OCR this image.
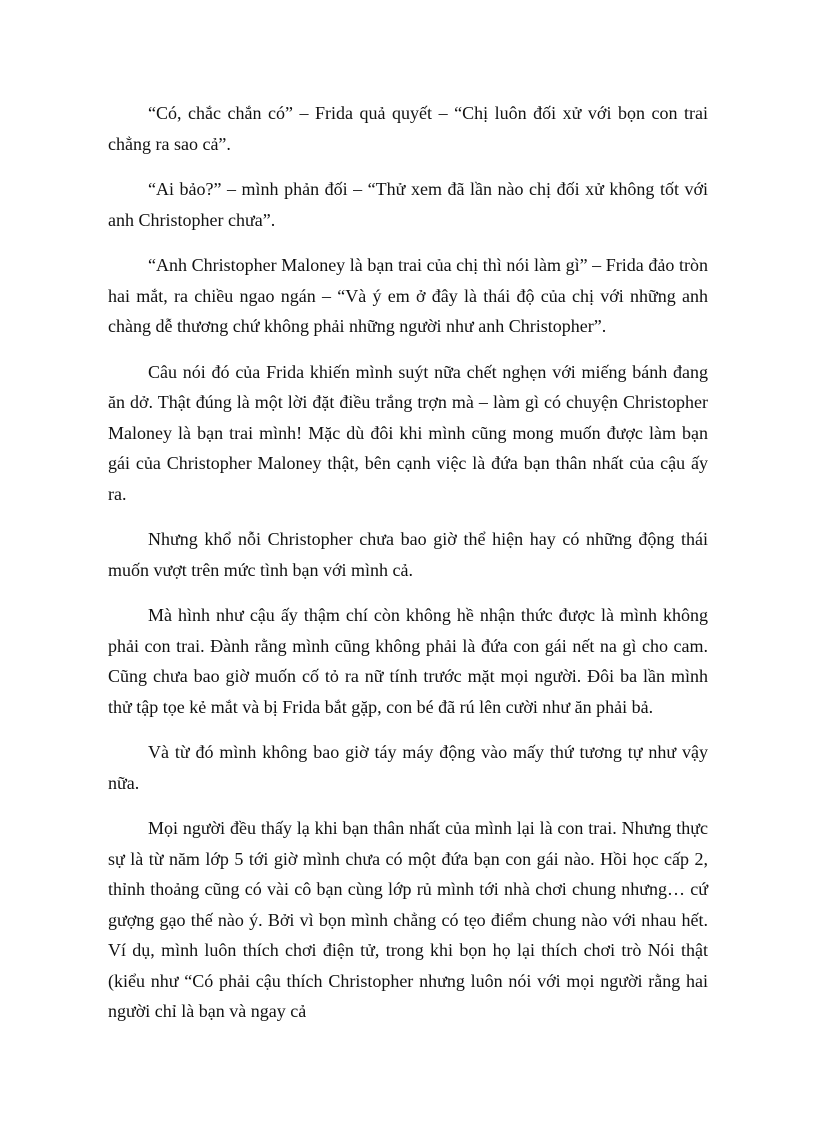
“Có, chắc chắn có” – Frida quả quyết – “Chị luôn đối xử với bọn con trai chẳng ra sao cả”.

“Ai bảo?” – mình phản đối – “Thử xem đã lần nào chị đối xử không tốt với anh Christopher chưa”.

“Anh Christopher Maloney là bạn trai của chị thì nói làm gì” – Frida đảo tròn hai mắt, ra chiều ngao ngán – “Và ý em ở đây là thái độ của chị với những anh chàng dễ thương chứ không phải những người như anh Christopher”.

Câu nói đó của Frida khiến mình suýt nữa chết nghẹn với miếng bánh đang ăn dở. Thật đúng là một lời đặt điều trắng trợn mà – làm gì có chuyện Christopher Maloney là bạn trai mình! Mặc dù đôi khi mình cũng mong muốn được làm bạn gái của Christopher Maloney thật, bên cạnh việc là đứa bạn thân nhất của cậu ấy ra.

Nhưng khổ nỗi Christopher chưa bao giờ thể hiện hay có những động thái muốn vượt trên mức tình bạn với mình cả.

Mà hình như cậu ấy thậm chí còn không hề nhận thức được là mình không phải con trai. Đành rằng mình cũng không phải là đứa con gái nết na gì cho cam. Cũng chưa bao giờ muốn cố tỏ ra nữ tính trước mặt mọi người. Đôi ba lần mình thử tập tọe kẻ mắt và bị Frida bắt gặp, con bé đã rú lên cười như ăn phải bả.

Và từ đó mình không bao giờ táy máy động vào mấy thứ tương tự như vậy nữa.

Mọi người đều thấy lạ khi bạn thân nhất của mình lại là con trai. Nhưng thực sự là từ năm lớp 5 tới giờ mình chưa có một đứa bạn con gái nào. Hồi học cấp 2, thỉnh thoảng cũng có vài cô bạn cùng lớp rủ mình tới nhà chơi chung nhưng… cứ gượng gạo thế nào ý. Bởi vì bọn mình chẳng có tẹo điểm chung nào với nhau hết. Ví dụ, mình luôn thích chơi điện tử, trong khi bọn họ lại thích chơi trò Nói thật (kiểu như “Có phải cậu thích Christopher nhưng luôn nói với mọi người rằng hai người chỉ là bạn và ngay cả
